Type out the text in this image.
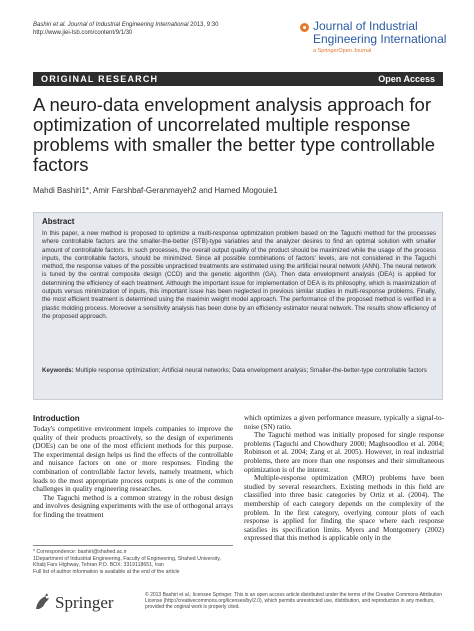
Bashiri et al. Journal of Industrial Engineering International 2013, 9:30
http://www.jiei-tsb.com/content/9/1/30	Journal of Industrial Engineering International
a SpringerOpen Journal
ORIGINAL RESEARCH	Open Access
A neuro-data envelopment analysis approach for optimization of uncorrelated multiple response problems with smaller the better type controllable factors
Mahdi Bashiri1*, Amir Farshbaf-Geranmayeh2 and Hamed Mogouie1
Abstract
In this paper, a new method is proposed to optimize a multi-response optimization problem based on the Taguchi method for the processes where controllable factors are the smaller-the-better (STB)-type variables and the analyzer desires to find an optimal solution with smaller amount of controllable factors. In such processes, the overall output quality of the product should be maximized while the usage of the process inputs, the controllable factors, should be minimized. Since all possible combinations of factors' levels, are not considered in the Taguchi method, the response values of the possible unpracticed treatments are estimated using the artificial neural network (ANN). The neural network is tuned by the central composite design (CCD) and the genetic algorithm (GA). Then data envelopment analysis (DEA) is applied for determining the efficiency of each treatment. Although the important issue for implementation of DEA is its philosophy, which is maximization of outputs versus minimization of inputs, this important issue has been neglected in previous similar studies in multi-response problems. Finally, the most efficient treatment is determined using the maximin weight model approach. The performance of the proposed method is verified in a plastic molding process. Moreover a sensitivity analysis has been done by an efficiency estimator neural network. The results show efficiency of the proposed approach.
Keywords: Multiple response optimization; Artificial neural networks; Data envelopment analysis; Smaller-the-better-type controllable factors
Introduction

Today's competitive environment impels companies to improve the quality of their products proactively, so the design of experiments (DOEs) can be one of the most efficient methods for this purpose. The experimental design helps us find the effects of the controllable and nuisance factors on one or more responses. Finding the combination of controllable factor levels, namely treatment, which leads to the most appropriate process outputs is one of the common challenges in quality engineering researches.

The Taguchi method is a common strategy in the robust design and involves designing experiments with the use of orthogonal arrays for finding the treatment

which optimizes a given performance measure, typically a signal-to-noise (SN) ratio.

The Taguchi method was initially proposed for single response problems (Taguchi and Chowdhury 2000; Maghsoodloo et al. 2004; Robinson et al. 2004; Zang et al. 2005). However, in real industrial problems, there are more than one responses and their simultaneous optimization is of the interest.

Multiple-response optimization (MRO) problems have been studied by several researchers. Existing methods in this field are classified into three basic categories by Ortiz et al. (2004). The membership of each category depends on the complexity of the problem. In the first category, overlying contour plots of each response is applied for finding the space where each response satisfies its specification limits. Myers and Montgomery (2002) expressed that this method is applicable only in the

* Correspondence: bashiri@shahed.ac.ir
1Department of Industrial Engineering, Faculty of Engineering, Shahed University, Khalij Fars Highway, Tehran P.O. BOX: 3319118651, Iran
Full list of author information is available at the end of the article
Springer	© 2013 Bashiri et al.; licensee Springer. This is an open access article distributed under the terms of the Creative Commons Attribution License (http://creativecommons.org/licenses/by/2.0), which permits unrestricted use, distribution, and reproduction in any medium, provided the original work is properly cited.
